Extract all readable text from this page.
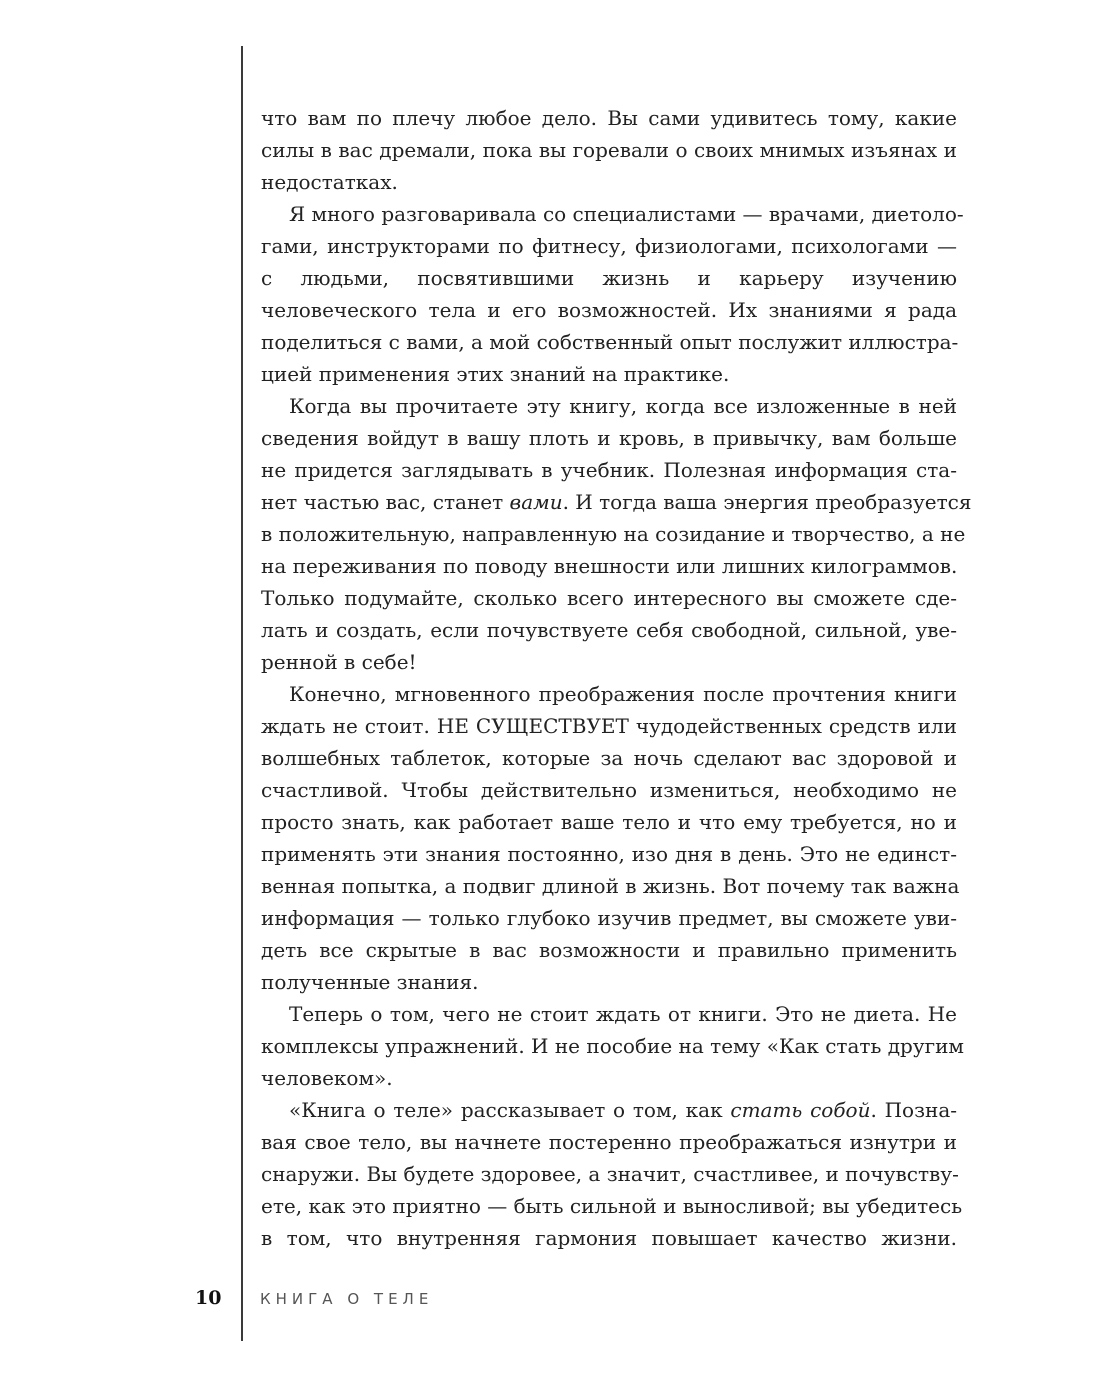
что вам по плечу любое дело. Вы сами удивитесь тому, какие
силы в вас дремали, пока вы горевали о своих мнимых изъянах и
недостатках.
Я много разговаривала со специалистами — врачами, диетоло-
гами, инструкторами по фитнесу, физиологами, психологами —
с людьми, посвятившими жизнь и карьеру изучению
человеческого тела и его возможностей. Их знаниями я рада
поделиться с вами, а мой собственный опыт послужит иллюстра-
цией применения этих знаний на практике.
Когда вы прочитаете эту книгу, когда все изложенные в ней
сведения войдут в вашу плоть и кровь, в привычку, вам больше
не придется заглядывать в учебник. Полезная информация ста-
нет частью вас, станет вами. И тогда ваша энергия преобразуется
в положительную, направленную на созидание и творчество, а не
на переживания по поводу внешности или лишних килограммов.
Только подумайте, сколько всего интересного вы сможете сде-
лать и создать, если почувствуете себя свободной, сильной, уве-
ренной в себе!
Конечно, мгновенного преображения после прочтения книги
ждать не стоит. НЕ СУЩЕСТВУЕТ чудодейственных средств или
волшебных таблеток, которые за ночь сделают вас здоровой и
счастливой. Чтобы действительно измениться, необходимо не
просто знать, как работает ваше тело и что ему требуется, но и
применять эти знания постоянно, изо дня в день. Это не единст-
венная попытка, а подвиг длиной в жизнь. Вот почему так важна
информация — только глубоко изучив предмет, вы сможете уви-
деть все скрытые в вас возможности и правильно применить
полученные знания.
Теперь о том, чего не стоит ждать от книги. Это не диета. Не
комплексы упражнений. И не пособие на тему «Как стать другим
человеком».
«Книга о теле» рассказывает о том, как стать собой. Позна-
вая свое тело, вы начнете постеренно преображаться изнутри и
снаружи. Вы будете здоровее, а значит, счастливее, и почувству-
ете, как это приятно — быть сильной и выносливой; вы убедитесь
в том, что внутренняя гармония повышает качество жизни.
10	КНИГА О ТЕЛЕ
